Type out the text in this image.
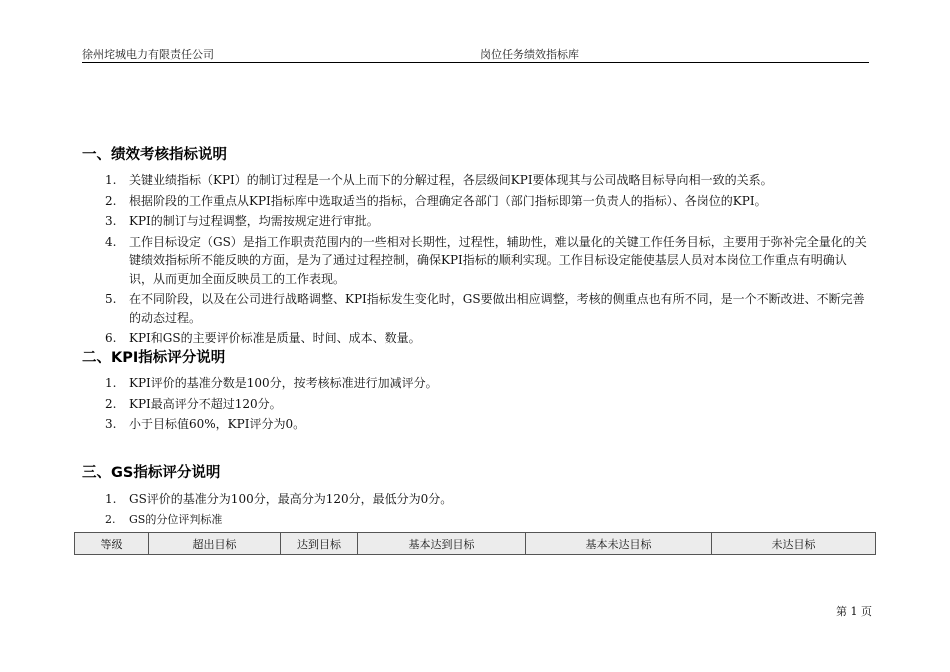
徐州垞城电力有限责任公司	岗位任务绩效指标库
一、绩效考核指标说明
1. 关键业绩指标（KPI）的制订过程是一个从上而下的分解过程，各层级间KPI要体现其与公司战略目标导向相一致的关系。
2. 根据阶段的工作重点从KPI指标库中选取适当的指标，合理确定各部门（部门指标即第一负责人的指标）、各岗位的KPI。
3. KPI的制订与过程调整，均需按规定进行审批。
4. 工作目标设定（GS）是指工作职责范围内的一些相对长期性，过程性，辅助性，难以量化的关键工作任务目标，主要用于弥补完全量化的关键绩效指标所不能反映的方面，是为了通过过程控制，确保KPI指标的顺利实现。工作目标设定能使基层人员对本岗位工作重点有明确认识，从而更加全面反映员工的工作表现。
5. 在不同阶段，以及在公司进行战略调整、KPI指标发生变化时，GS要做出相应调整，考核的侧重点也有所不同，是一个不断改进、不断完善的动态过程。
6. KPI和GS的主要评价标准是质量、时间、成本、数量。
二、KPI指标评分说明
1. KPI评价的基准分数是100分，按考核标准进行加减评分。
2. KPI最高评分不超过120分。
3. 小于目标值60%，KPI评分为0。
三、GS指标评分说明
1. GS评价的基准分为100分，最高分为120分，最低分为0分。
2. GS的分位评判标准
等级	超出目标	达到目标	基本达到目标	基本未达目标	未达目标
第 1 页
